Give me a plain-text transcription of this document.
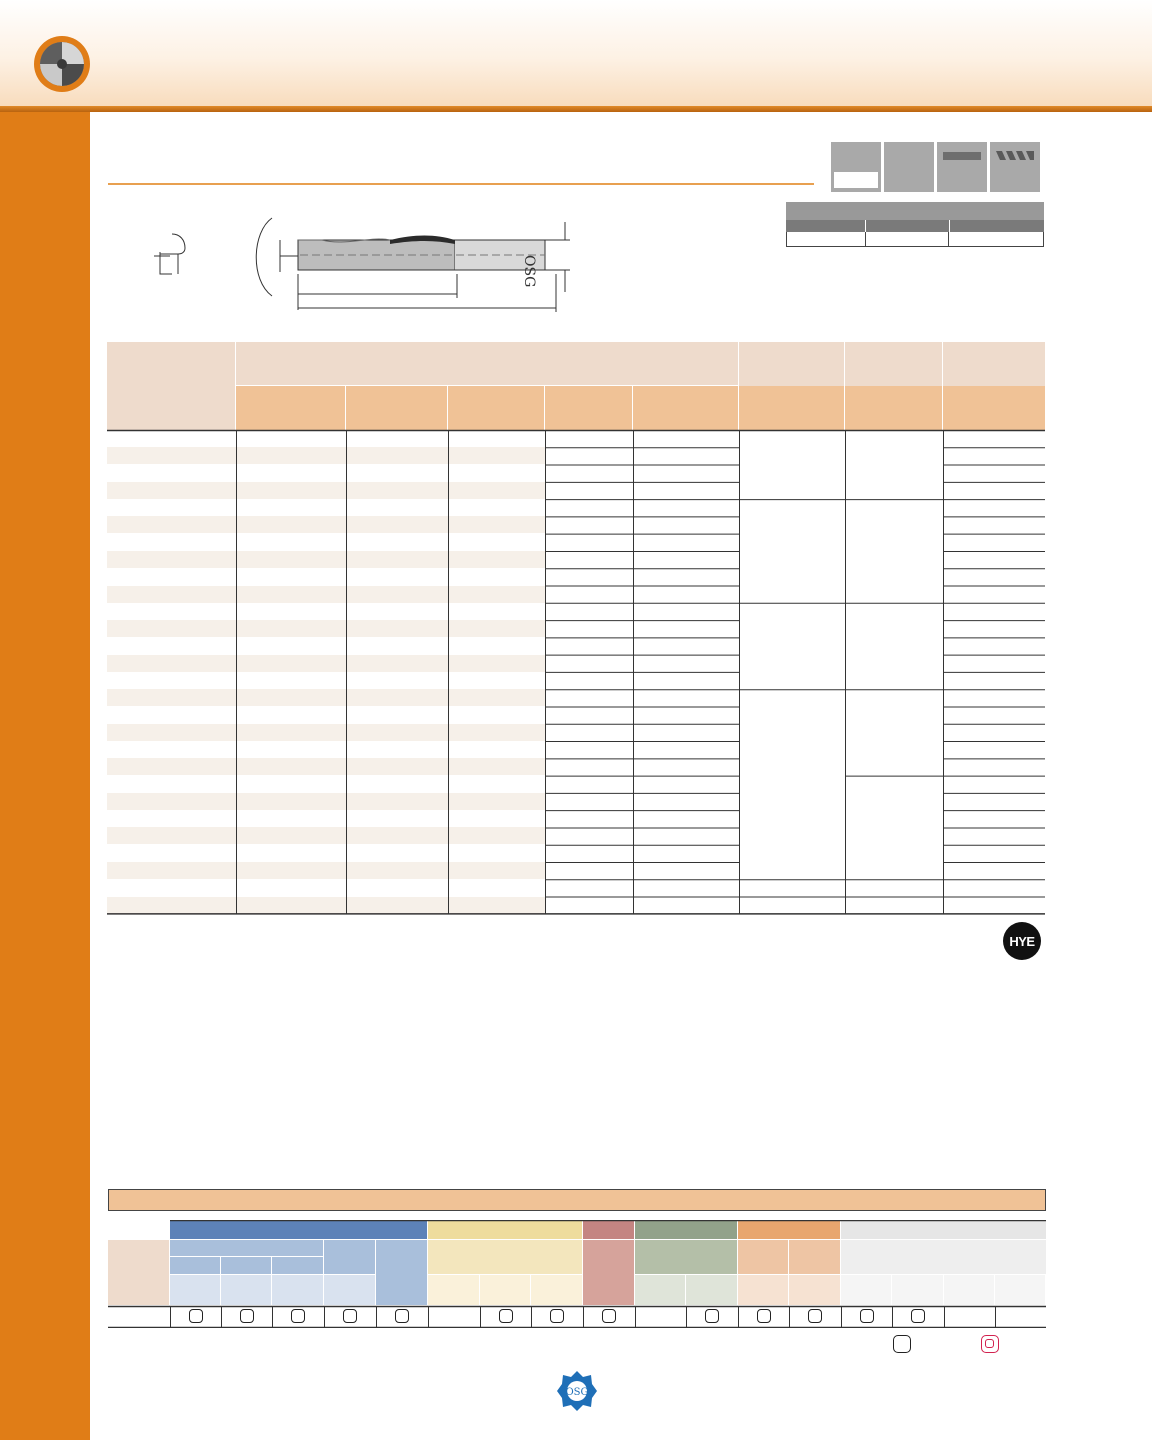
OSG
HYE
OSG
